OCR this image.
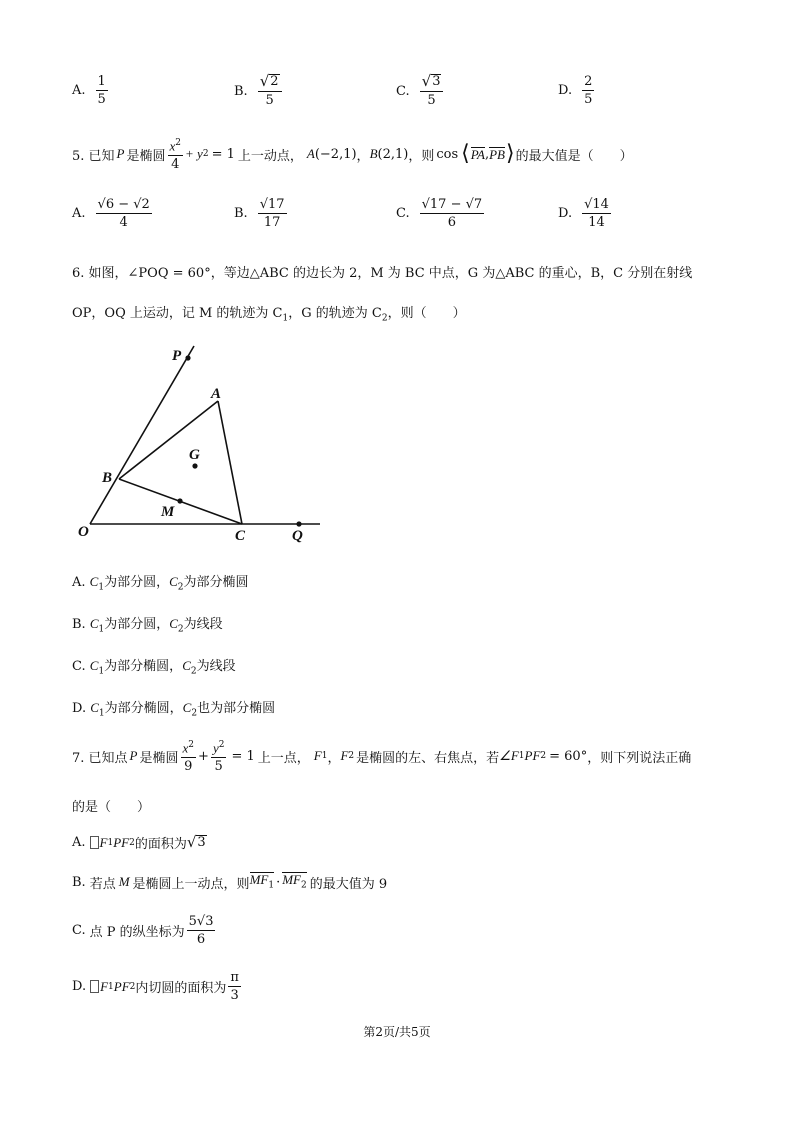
A. $\frac{1}{5}$	B. $\frac{√ 2}{5}$	C. $\frac{√ 3}{5}$	D. $\frac{2}{5}$
5. 已知 P 是椭圆 $\frac{x^2}{4} + y$ 2 = 1 上一动点， A (−2,1) ， B (2,1) ，则 cos ⟨ PA , PB ⟩ 的最大值是（　　）
A. $\frac{√6 - √2}{4}$	B. $\frac{√17}{17}$	C. $\frac{√17 - √7}{6}$	D. $\frac{√14}{14}$
6. 如图，∠POQ = 60°，等边△ABC 的边长为 2，M 为 BC 中点，G 为△ABC 的重心，B，C 分别在射线
OP，OQ 上运动，记 M 的轨迹为 $C_1$，G 的轨迹为 $C_2$，则（　　）
P
A
G
B
M
O	C	Q
A. $C_1$为部分圆，$C_2$为部分椭圆
B. $C_1$为部分圆，$C_2$为线段
C. $C_1$为部分椭圆，$C_2$为线段
D. $C_1$为部分椭圆，$C_2$也为部分椭圆
7. 已知点 P 是椭圆 $\frac{x^2}{9} + \frac{y^2}{5} = 1$ 上一点， F 1 ， F 2 是椭圆的左、右焦点，若 ∠F 1 PF 2 = 60° ，则下列说法正确
的是（　　）
A. F 1 PF 2 的面积为 √ 3
B. 若点 M 是椭圆上一动点，则 $MF_1 \cdot MF_2$ 的最大值为 9
C. 点 P 的纵坐标为 $\frac{5√3}{6}$
D. F 1 PF 2 内切圆的面积为 $\frac{\pi}{3}$
第2页/共5页
